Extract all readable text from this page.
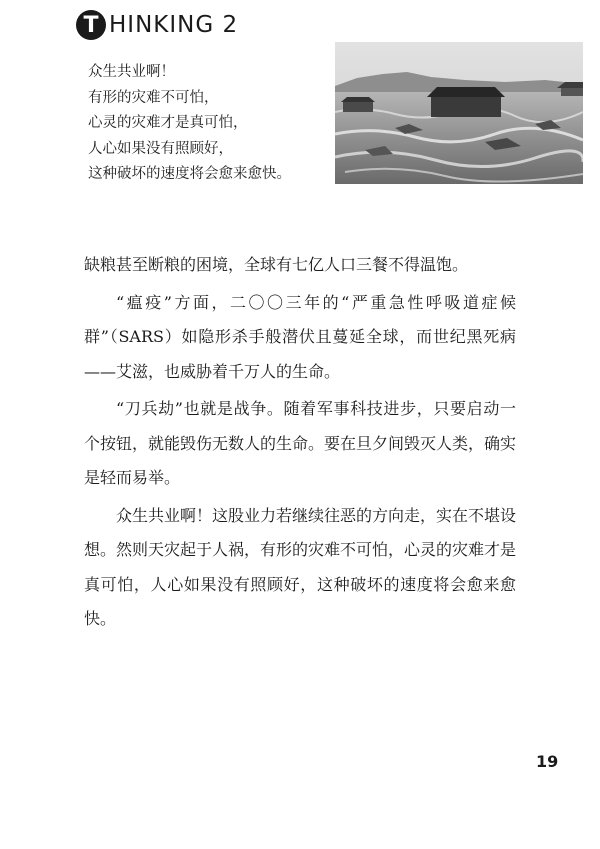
T HINKING 2
众生共业啊！
有形的灾难不可怕，
心灵的灾难才是真可怕，
人心如果没有照顾好，
这种破坏的速度将会愈来愈快。

缺粮甚至断粮的困境，全球有七亿人口三餐不得温饱。

“瘟疫”方面，二〇〇三年的“严重急性呼吸道症候群”（SARS）如隐形杀手般潜伏且蔓延全球，而世纪黑死病——艾滋，也威胁着千万人的生命。

“刀兵劫”也就是战争。随着军事科技进步，只要启动一个按钮，就能毁伤无数人的生命。要在旦夕间毁灭人类，确实是轻而易举。

众生共业啊！这股业力若继续往恶的方向走，实在不堪设想。然则天灾起于人祸，有形的灾难不可怕，心灵的灾难才是真可怕，人心如果没有照顾好，这种破坏的速度将会愈来愈快。

19
